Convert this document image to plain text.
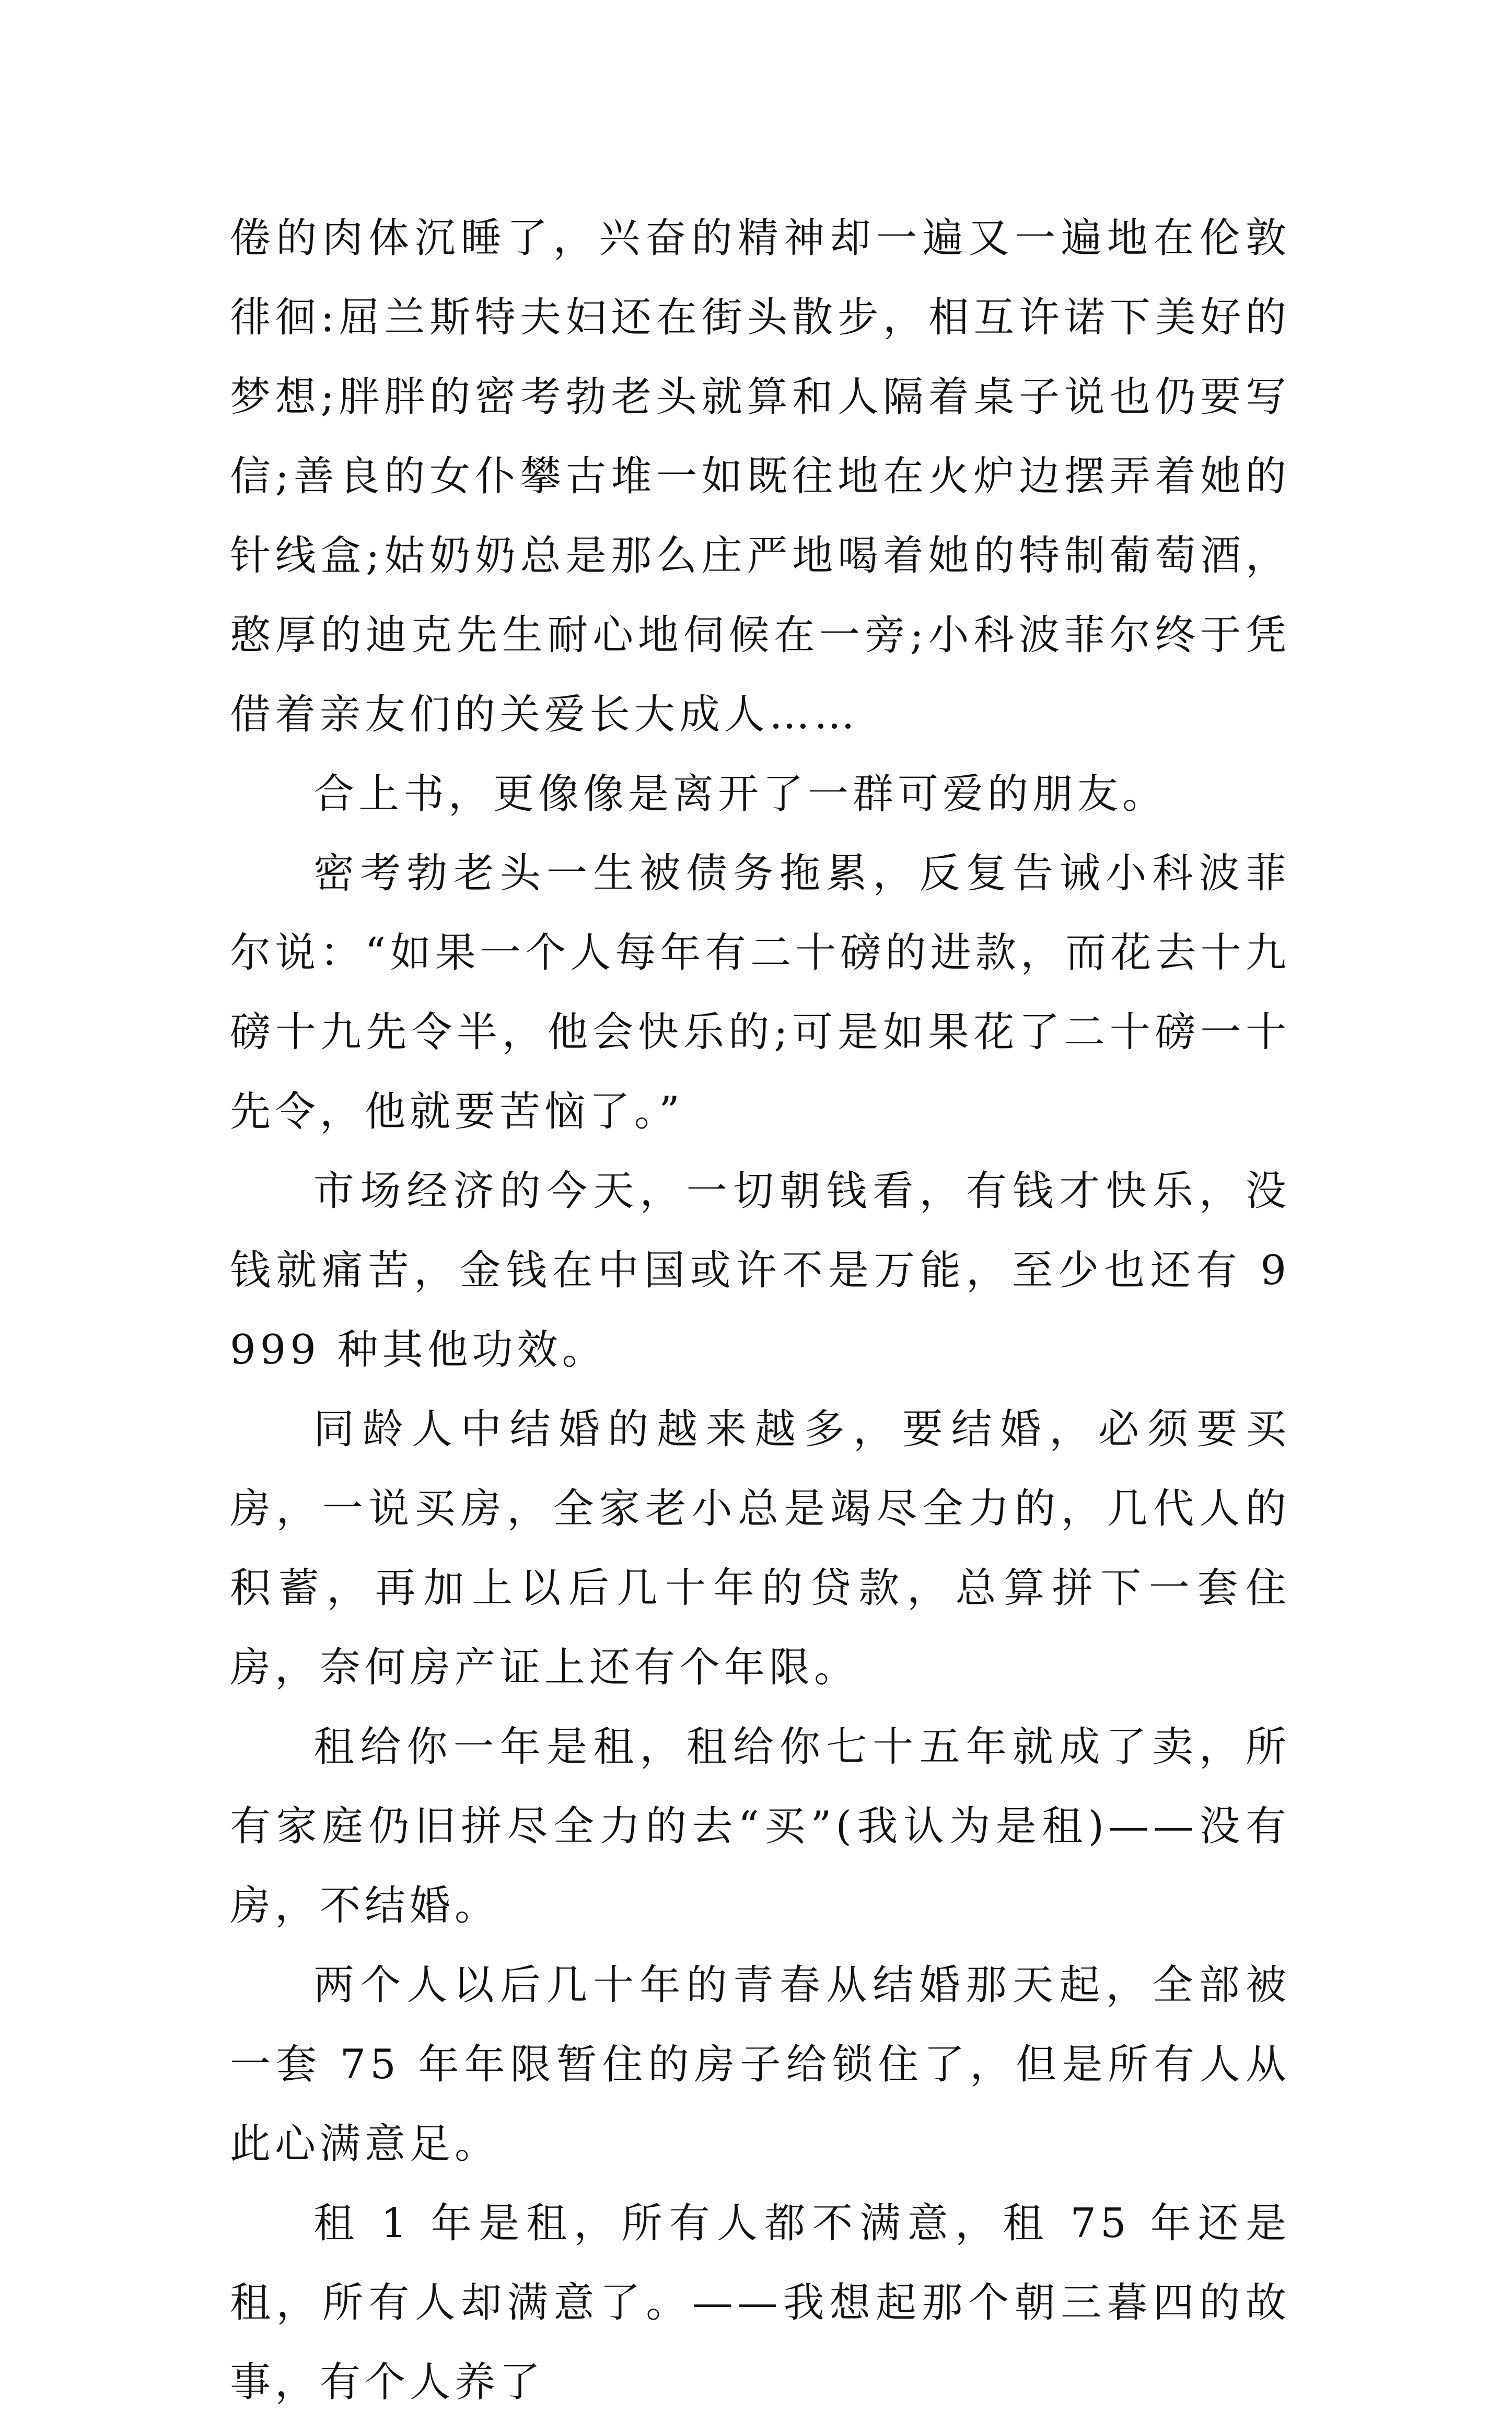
倦的肉体沉睡了，兴奋的精神却一遍又一遍地在伦敦徘徊:屈兰斯特夫妇还在街头散步，相互许诺下美好的梦想;胖胖的密考勃老头就算和人隔着桌子说也仍要写信;善良的女仆攀古堆一如既往地在火炉边摆弄着她的针线盒;姑奶奶总是那么庄严地喝着她的特制葡萄酒，憨厚的迪克先生耐心地伺候在一旁;小科波菲尔终于凭借着亲友们的关爱长大成人……

合上书，更像像是离开了一群可爱的朋友。

密考勃老头一生被债务拖累，反复告诫小科波菲尔说：“如果一个人每年有二十磅的进款，而花去十九磅十九先令半，他会快乐的;可是如果花了二十磅一十先令，他就要苦恼了。”

市场经济的今天，一切朝钱看，有钱才快乐，没钱就痛苦，金钱在中国或许不是万能，至少也还有 9999 种其他功效。

同龄人中结婚的越来越多，要结婚，必须要买房，一说买房，全家老小总是竭尽全力的，几代人的积蓄，再加上以后几十年的贷款，总算拼下一套住房，奈何房产证上还有个年限。

租给你一年是租，租给你七十五年就成了卖，所有家庭仍旧拼尽全力的去“买”(我认为是租)——没有房，不结婚。

两个人以后几十年的青春从结婚那天起，全部被一套 75 年年限暂住的房子给锁住了，但是所有人从此心满意足。

租 1 年是租，所有人都不满意，租 75 年还是租，所有人却满意了。——我想起那个朝三暮四的故事，有个人养了
